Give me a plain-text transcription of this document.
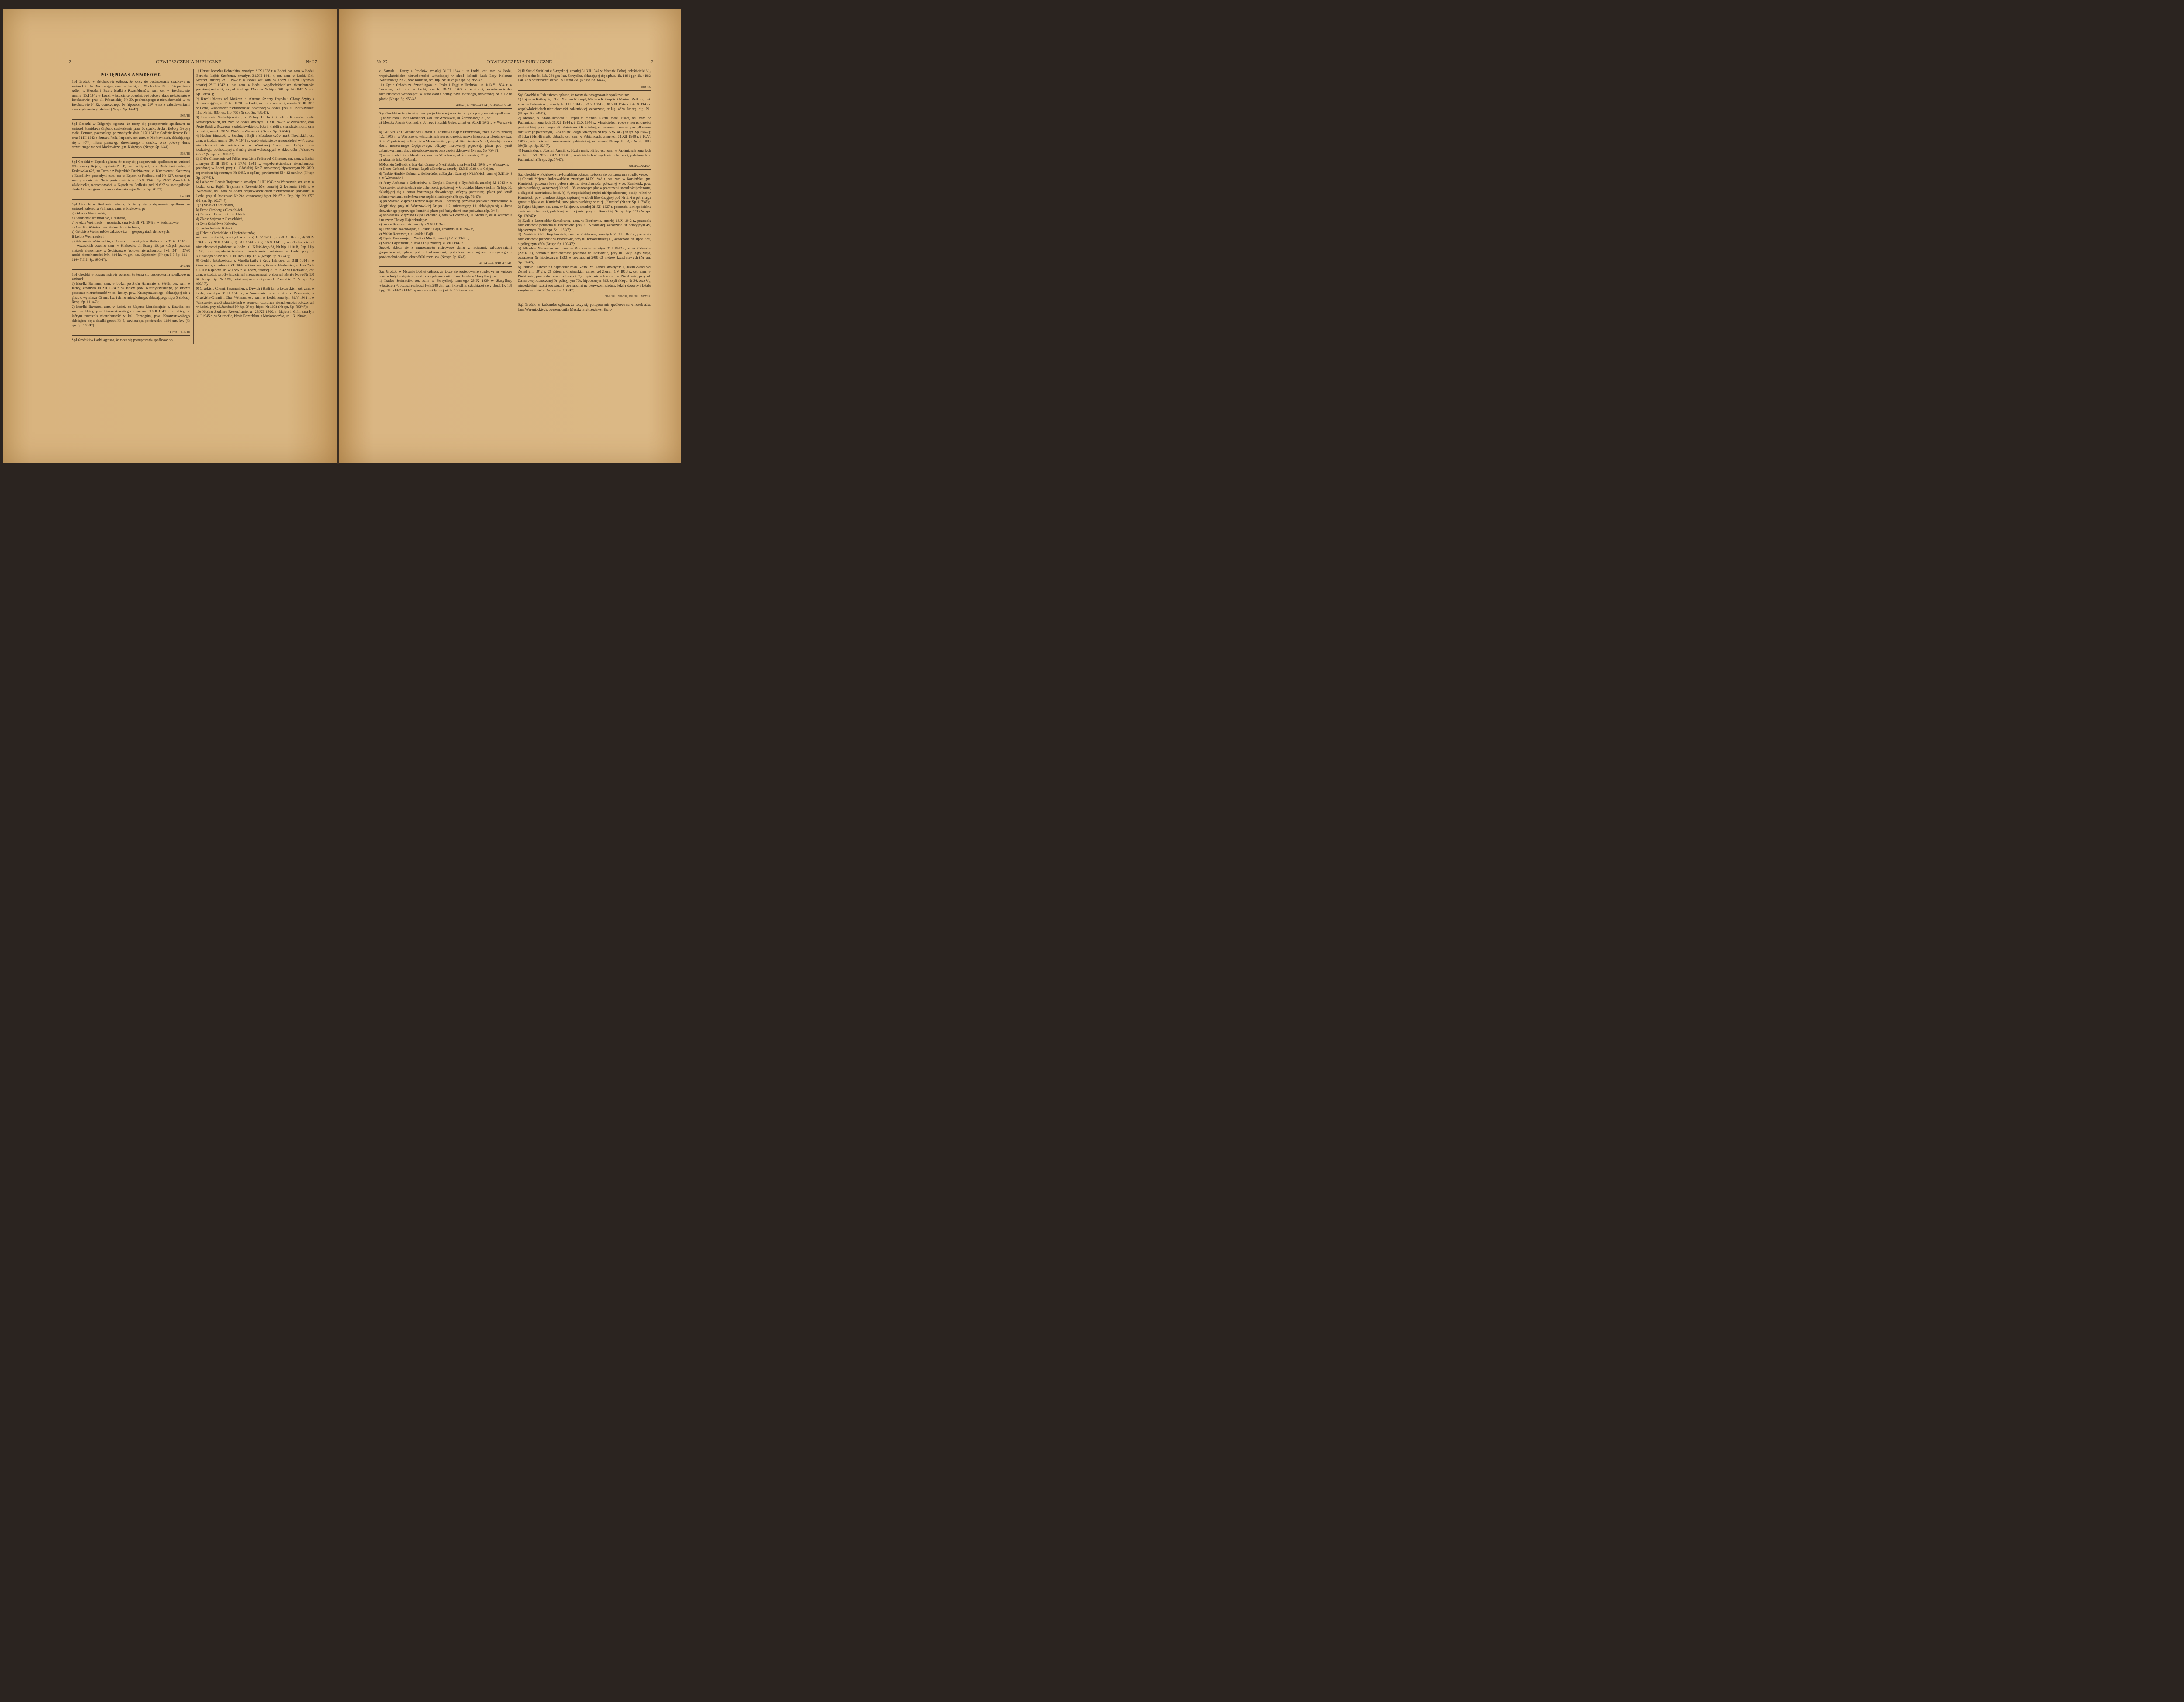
2	OBWIESZCZENIA PUBLICZNE	Nr 27
POSTĘPOWANIA SPADKOWE.
Sąd Grodzki w Bełchatowie ogłasza, że toczy się postępowanie spadkowe na wniosek Chila Birencwajga, zam. w Łodzi, ul. Wschodnia 15 m. 14 po Surze Adler, c. Herszka i Estery Małki z Rozenblumów, zam. ost. w Bełchatowie, zmarłej 15.I 1942 w Łodzi, właścicielce południowej połowy placu położonego w Bełchatowie, przy ul. Pabianickiej Nr 39, pochodzącego z nieruchomości w m. Bełchatowie N 32, oznaczonego Nr hipotecznym 21²⁷ wraz z zabudowaniami, rosnącą drzewiną i płotami (Nr spr. Sp. 16/47).
565/48.
Sąd Grodzki w Biłgoraju ogłasza, że toczy się postępowanie spadkowe: na wniosek Stanisława Głąba, o stwierdzenie praw do spadku Srula i Debory Dwojry małż. Herman, pozostałego po zmarłych: dnia 31.X 1942 r. Gołdzie Rywce Feil, oraz 31.III 1942 r. Szmulu Feilu, kupcach, ost. zam. w Morkowicach, składającego się z 40⁰/₀ młyna parowego drewnianego i tartaku, oraz połowy domu drewnianego we wsi Markowicze, gm. Księżopol (Nr spr. Sp. 1/48).
558/48.
Sąd Grodzki w Kętach ogłasza, że toczy się postępowanie spadkowe; na wniosek Władysławy Kejdry, asystenta P.K.P., zam. w Kętach, pow. Biała Krakowska, ul. Krakowska 626, po Teresie z Bajorskich Dudziakowej, c. Kazimierza i Katarzyny z Kasolików, gospodyni, zam. ost. w Kętach na Podlesiu pod Nr. 627, uznanej za zmarłą w kwietniu 1943 r. postanowieniem z 15.XI 1947 r. Zg. 20/47. Zmarła była właścicielką nieruchomości w Kętach na Podlesiu pod N 627 w szczególności około 15 arów gruntu i domku drewnianego (Nr spr. Sp. 97/47).
640/48.
Sąd Grodzki w Krakowie ogłasza, że toczy się postępowanie spadkowe na wniosek Salomona Perlmana, zam. w Krakowie, po
a) Oskarze Weintraubie,
b) Salomonie Weintraubie, s. Abrama,
c) Frydzie Weintraub — uczniach, zmarłych 31.VII 1942 r. w Sędziszowie,
d) Aamili z Weintraubów Steiner false Perlman,
e) Gołdzie z Weintraubów Jakubowicz — gospodyniach domowych,
f) Leibie Weintraubie i
g) Salomonie Weintraubie, s. Aszera — zmarłych w Bełżcu dnia 31.VIII 1942 r. — wszystkich ostatnio zam. w Krakowie, ul. Estery 16, po których pozostał majątek nieruchomy w Sędziszowie (połowa nieruchomości lwh. 244 i 27/96 części nieruchomości lwh. 484 kś. w. gm. kat. Sędziszów (Nr spr. I 3 Sp. 611—616/47, I. I. Sp. 630/47).
424/48.
Sąd Grodzki w Krasnymstawie ogłasza, że toczą się postępowania spadkowe na wniosek:
1) Mordki Harmana, zam. w Łodzi, po Srulu Harmanie, s. Wolfa, ost. zam. w Izbicy, zmarłym 10.XII 1934 r. w Izbicy, pow. Krasnystawskiego, po którym pozostała nieruchomość w os. Izbicy, pow. Krasnystawskiego, składającej się z placu o wymiarze 83 mtr. kw. i domu mieszkalnego, składającego się z 5 ubikacji Nr sp. Sp. 111/47);
2) Mordki Harmana, zam. w Łodzi, po Majerze Mondsztajnie, s. Dawida, ost. zam. w Izbicy, pow. Krasnystawskiego, zmarłym 31.XII 1941 r. w Izbicy, po którym pozostała nieruchomość w kol. Tarnogóra, pow. Krasnystawskiego, składająca się z działki gruntu Nr 5, zawierająca powierzchni 1184 mtr. kw. (Nr spr. Sp. 110/47).
414/48—415/48.
Sąd Grodzki w Łodzi ogłasza, że toczą się postępowania spadkowe po:
1) Herszu Moszku Dobreckim, zmarłym 2.IX 1938 r. w Łodzi, ost. zam. w Łodzi, Boruchu Łajbie Szefnerze, zmarłym 31.XII 1941 r., ost. zam. w Łodzi, Gitli Szefner, zmarłej 28.II 1942 r. w Łodzi, ost. zam. w Łodzi i Rajzli Frydman, zmarłej 28.II 1942 r., ost. zam. w Łodzi, współwłaścicielach nieruchomości położonej w Łodzi, przy ul. Sterlinga 12a, ozn. Nr hipot. 398 rep. hip. 847 (Nr spr. Sp. 336/47);
2) Ruchli Mozes vel Mojżesz, c. Abrama Szlamy Frajnda i Chany Szyfry z Rozencwajgów, ur. 11.VII 1879 r. w Łodzi, ost. zam. w Łodzi, zmarłej 31.III 1940 w Łodzi, właścicielce nieruchomości położonej w Łodzi, przy ul. Piotrkowskiej 116, Nr hip. 836 rep. hip. 766 (Nr spr. Sp. 468/47);
3) Szymonie Szaladajewskim, s. Zelmy Hilela i Rajzli z Rozenów, małż. Szaladajewskich, ost. zam. w Łodzi, zmarłym 31.XII 1942 r. w Warszawie, oraz Pesie Rajzli z Rozenów Szaladajewskiej, c. Icka i Frajdli z Sieradzkich, ost. zam. w Łodzi, zmarłej 30.VI 1942 r. w Warszawie (Nr spr. Sp. 866/47);
4) Nachne Binsztok, c. Szachny i Bajli z Moszkowiczów małż. Nowickich, ost. zam. w Łodzi, zmarłej 30. IV 1942 r., współwłaścicielce niepodzielnej w ¹/₂ części nieruchomości niehipotekowanej w Wiśniowej Górze, gm. Brójce, pow. Łódzkiego, pochodzącej z 3 mórg ziemi wchodzących w skład dóbr „Wiśniowa Góra” (Nr spr. Sp. 948/47);
5) Chilu Gliksmanie vel Feliks oraz Libie Feliks vel Gliksman, ost. zam. w Łodzi, zmarłym 31.III 1941 r. i 17.VI 1941 r., współwłaścicielach nieruchomości położonej w Łodzi, przy ul. Gdańskiej Nr 7, oznaczonej hipotecznym Nr 2820, repertorium hipotecznym Nr 6463, o ogólnej powierzchni 554,82 mtr. kw. (Nr spr. Sp. 587/47);
6) Łajbie vel Leonie Trajsmanie, zmarłym 31.III 1943 r. w Warszawie, ost. zam. w Łodzi, oraz Rajzli Trajsman z Rozenfeldów, zmarłej 2 kwietnia 1943 r. w Warszawie, ost. zam. w Łodzi, współwłaścicielach nieruchomości położonej w Łodzi przy ul. Mostowej Nr 26a, oznaczonej hipot. Nr 671a, Rep. hip. Nr 3773 (Nr spr. Sp. 1027/47);
7) a) Moszku Ciesielskim,
b) Ferce Ginsberg z Ciesielskich,
c) Frymcele Besser z Ciesielskich,
d) Złacie Stajman z Ciesielskich,
e) Ewie Sokołów z Kohnów,
f) Izaaku Natanie Kohn i
g) Helenie Ciesielskiej z Hopfenblumów,
ost. zam. w Łodzi, zmarłych w dniu a) 18.V 1943 r., c) 31.X 1942 r., d) 20.IV 1941 r., e) 28.II 1940 r., f) 31.I 1940 r. i g) 16.X 1941 r., współwłaścicielach nieruchomości położonej w Łodzi, ul. Kilińskiego 63, Nr hip. 1110 B, Rep. Hip. 1260, oraz współwłaścicielach nieruchomości położonej w Łodzi przy ul. Kilińskiego 65 Nr hip. 1110. Rep. Hip. 1514 (Nr spr. Sp. 939/47);
8) Godelu Jakubowiczu, s. Mendla Łajby i Rudy Infeldów, ur. 3.III 1884 r. w Ozorkowie, zmarłym 2.VII 1942 w Ozorkowie, Esterze Jakubowicz, c. Icka Zajfa i Elli z Rajchów, ur. w 1885 r. w Łodzi, zmarłej 31.V 1942 w Ozorkowie, ost. zam. w Łodzi, współwłaścicielach nieruchomości w dobrach Bałuty Nowe Nr 101 lit. A rep. hip. Nr 16⁹⁸, położonej w Łodzi przy ul. Dworskiej 7 (Nr spr. Sp. 808/47);
9) Chaskielu Chemii Pasamaniku, s. Dawida i Bajli Łaji z Łęczyckich, ost. zam. w Łodzi, zmarłym 31.III 1941 r., w Warszawie, oraz po Aronie Pasamanik, s. Chaskiela-Chemii i Chai Wolman, ost. zam. w Łodzi, zmarłym 31.V 1941 r. w Warszawie, współwłaścicielach w równych częściach nieruchomości położonych w Łodzi, przy ul. Jakuba 8 Nr hip. 3² rep. hipot. Nr 1092 (Nr spr. Sp. 793/47);
10) Mośeiu Szulimie Rozenblumie, ur. 23.XII 1900, s. Majera i Gitli, zmarłym 31.I 1945 r., w Stutthofie, Idesie Rozenblum z Mośkowiczów, ur. 1.X 1904 r.,
Nr 27	OBWIESZCZENIA PUBLICZNE	3
c. Szmula i Estery z Prochów, zmarłej 31.III 1944 r. w Łodzi, ost. zam. w Łodzi, współwłaścicielce nieruchomości wchodzącej w skład kolonii Łask Lasy Kolumna Walewskiego Nr 2, pow. łaskiego, rep. hip. Nr 103¹⁸ (Nr spr. Sp. 955/47.
11) Cynie Orbach ze Szmerlingów, c. Joska i Fajgi z Hechtów, ur. 1/13.V 1894 r. w Tuszynie, ost. zam. w Łodzi, zmarłej 30.XII 1943 r. w Łodzi, współwłaścicielce nieruchomości wchodzącej w skład dóbr Chełmy, pow. łódzkiego, oznaczonej Nr 3 i 2 na planie (Nr spr. Sp. 953/47.
400/48, 487/48—493/48, 553/48—555/48.
Sąd Grodzki w Mogielnicy, pow. grójeckiego ogłasza, że toczą się postępowania spadkowe:
1) na wniosek Hindy Mordianer, zam. we Wrocławiu, ul. Żeromskiego 21, po:
a) Moszku Aronie Gothard, s. Jojnego i Ruchli Geles, zmarłym 30.XII 1942 r. w Warszawie i
b) Geli vel Reli Gothard vel Gotard, c. Lejbusia i Łaji z Frydrychów, małż. Geles, zmarłej 12.I 1943 r. w Warszawie, właścicielach nieruchomości, nazwa hipoteczna „Jordanowicze, Blima”, położonej w Grodzisku Mazowieckim, przy ul. Sienkiewicza Nr 23, składająca się z domu murowanego 2-piętrowego, oficyny murowanej piętrowej, placu pod tymiż zabudowaniami, placu niezabudowanego oraz części składowej (Nr spr. Sp. 75/47);
2) na wniosek Hindy Mordianer, zam. we Wrocławiu, ul. Żeromskiego 21 po:
a) Abramie Icku Gelbardt,
b)Mosieju Gelbardt, s. Ezryla i Czarnej z Nycińskich, zmarłym 15.II 1943 r. w Warszawie,
c) Nesze Gelbard, c. Berka i Rajzli z Błanków, zmarłej 13.XII 1930 r. w Grójcu,
d) Taubie Hindzie Gulman z Gelbardtów, c. Ezryla i Czarnej z Nicińskich, zmarłej 5.III 1943 r. w Warszawie i
e) Jenty Ambaras z Gelbardtów, c. Ezryla i Czarnej z Nycińskich, zmarłej 8.I 1943 r. w Warszawie, właścicielach nieruchomości, położonej w Grodzisku Mazowieckim Nr hip. 56, składającej się z domu frontowego drewnianego, oficyny parterowej, placu pod temiż zabudowaniami, podwórza oraz części składowych (Nr spr. Sp. 76/47);
3) po Szlamie Majerze i Rywce Rajzli małż. Rozenberg, pozostała połowa nieruchomości w Mogielnicy, przy ul. Warszawskiej Nr pol. 112, orientacyjny 11, składająca się z domu drewnianego piętrowego, komórki, placu pod budynkami oraz podwórza (Sp. 3/48);
4) na wniosek Mojżesza Lejba Lebenthala, zam. w Grodzisku, ul. Krótka 6, dział. w imieniu i na rzecz Chawy Hajdenkruk po:
a) Janklu Rozenwajnie, zmarłym 9.XII 1934 r.,
b) Dawidzie Rozenwajnie, s. Jankla i Bajli, zmarłym 10.II 1942 r.,
c) Wołku Rozenwajn, s. Jankla i Bajli,
d) Dynie Rozenwajn, c. Wołka i Mindli, zmarłej 12. V. 1942 r.,
e) Surze Hajdenkruk, c. Icka i Łaji, zmarłej 31.VIII 1942 r.
Spadek składa się z murowanego piętrowego domu z facjatami, zabudowaniami gospodarskimi, placu pod zabudowaniami, podwórza oraz ogrodu warzywnego o powierzchni ogólnej około 5000 metr. kw. (Nr spr. Sp. 6/48).
416/48—418/48, 420/48.
Sąd Grodzki w Mszanie Dolnej ogłasza, że toczy się postępowanie spadkowe na wniosek Izraela Judy Lustgartena, zast. przez pełnomocnika Jana Hanulę w Skrzydlnej, po
1) Izaaku Steinlaufie, ost. zam. w Skrzydlnej, zmarłego 29.IX 1939 w Skrzydlnej, właściciela ³/₁₄ części realności lwh. 280 gm. kat. Skrzydlna, składającej się z pbud. 1k. 189 i pgr. 1k. 410/2 i 413/2 o powierzchni łącznej około 150 sążni kw.
2) Ili Süssel Steinlauf z Skrzydlnej, zmarłej 31.XII 1946 w Mszanie Dolnej, właścicielki ³/₁₄ części realności lwh. 280 gm. kat. Skrzydlna, składającej się z pbud. 1k. 189 i pgr. 1k. 410/2 i 413/2 o powierzchni około 150 sążni kw. (Nr spr. Sp. 64/47).
639/48.
Sąd Grodzki w Pabianicach ogłasza, że toczy się postępowanie spadkowe po:
1) Lajzerze Rotkopfie, Chaji Mariem Rotkopf, Michale Rotkopfie i Mariem Rotkopf, ost. zam. w Pabianicach, zmarłych: 1.III 1944 r., 23.V 1934 r., 10.VIII 1944 r. i 4.IX 1943 r. współwłaścicielach nieruchomości pabianickiej, oznaczonej nr hip. 482a, Nr rep. hip. 591 (Nr spr. Sp. 64/47);
2) Mordce, s. Arona-Henocha i Frajdli c. Mendla Elkana małż. Fiszer, ost. zam. w Pabianicach, zmarłych 31.XII 1944 r. i 15.X 1944 r., właścicielach połowy nieruchomości pabianickiej, przy zbiegu ulic Bożniczne i Kościelnej, oznaczonej numerem porządkowym miejskim (hipotecznym) 128a objętej księgą wieczystą Nr rep. K.W. 412 (Nr spr. Sp. 56/47);
3) Icku i Hendli małż. Urbach, ost. zam. w Pabianicach, zmarłych 31.XII 1940 r. i 10.VI 1942 r., właścicielach nieruchomości pabianickiej, oznaczonej Nr rep. hip. 4, a Nr hip. 88 i 89 (Nr spr. Sp. 62/47);
4) Franciszku, s. Józefa i Amalii, c. Józefa małż. Hiller, ost. zam. w Pabianicach, zmarłych w dniu: 9.VI 1925 r. i 8.VII 1931 r., właścicielach różnych nieruchomości, położonych w Pabianicach (Nr spr. Sp. 57/47).
561/48—564/48.
Sąd Grodzki w Piotrkowie Trybunalskim ogłasza, że toczą się postępowania spadkowe po:
1) Chemii Majerze Dobrowolskim, zmarłym 14.IX 1942 r., ost. zam. w Kamieńsku, gm. Kamieńsk, pozostała lewa połowa niehip. nieruchomości położonej w os. Kamieńsk, pow. piotrkowskiego, oznaczonej Nr pol. 138 stanowiąca plac o przestrzeni: szerokości jedenastu, a długości czterdziestu łokci, b) ³/₄ niepodzielnej części niehipotekowanej osady rolnej w Kamieńsk, pow. piotrkowskiego, zapisanej w tabeli likwidacyjnej pod Nr 11-i o pół morga gruntu z łąką w os. Kamieńsk, pow. piotrkowskiego w miej. „Krucice” (Nr spr. Sp. 117/47);
2) Rajzli Majzner, ost. zam. w Sulejowie, zmarłej 31.XII 1927 r. pozostała ¼ niepodzielna część nieruchomości, położonej w Sulejowie, przy ul. Koneckiej Nr rep. hip. 111 (Nr spr. Sp. 120/47);
3) Zysli z Rozentalów Szmulewicz, zam. w Piotrkowie, zmarłej 18.X 1942 r., pozostała nieruchomość położona w Piotrkowie, przy ul. Sieradzkiej, oznaczona Nr policyjnym 49, hipotecznym 39 (Nr spr. Sp. 115/47);
4) Dawidzie i Etli Bogdańskich, zam. w Piotrkowie, zmarłych 31.XII 1942 r., pozostała nieruchomość położona w Piotrkowie, przy ul. Jerozolimskiej 19, oznaczona Nr hipot. 525, a policyjnym 450a (Nr spr. Sp. 100/47);
5) Alfredzie Majznerze, ost. zam. w Piotrkowie, zmarłym 31.I 1942 r., w m. Czkanów (Z.S.R.R.), pozostała nieruchomość położona w Piotrkowie, przy ul. Aleja 3-go Maja, oznaczona Nr hipotecznym 1333, o powierzchni 2083,63 metrów kwadratowych (Nr spr. Sp. 91/47);
6) Jakubie i Esterze z Chojnackich małż. Zemel vel Zamel, zmarłych: 1) Jakub Zamel vel Zemel 2.II 1942 r., 2) Estera z Chojnackich Zamel vel Zemel, 1.V 1938 r., ost. zam. w Piotrkowie, pozostało prawo własności ¹/₄₅ części nieruchomości w Piotrkowie, przy ul. Zamurowej, oznaczonej Nr policyjnym 76a, hipotecznym 313, czyli sklepu Nr 36, oraz ¹/₄₅ niepodzielnej części podwórza i powierzchni na pierwszym piętrze: lokalu dozorcy i lokalu zwązku rzeźników (Nr spr. Sp. 136/47).
396/48—399/48, 556/48—557/48.
Sąd Grodzki w Radomsku ogłasza, że toczy się postępowanie spadkowe na wniosek adw. Jana Woroniockiego, pełnomocnika Moszka Brajtberga vel Brajt-
